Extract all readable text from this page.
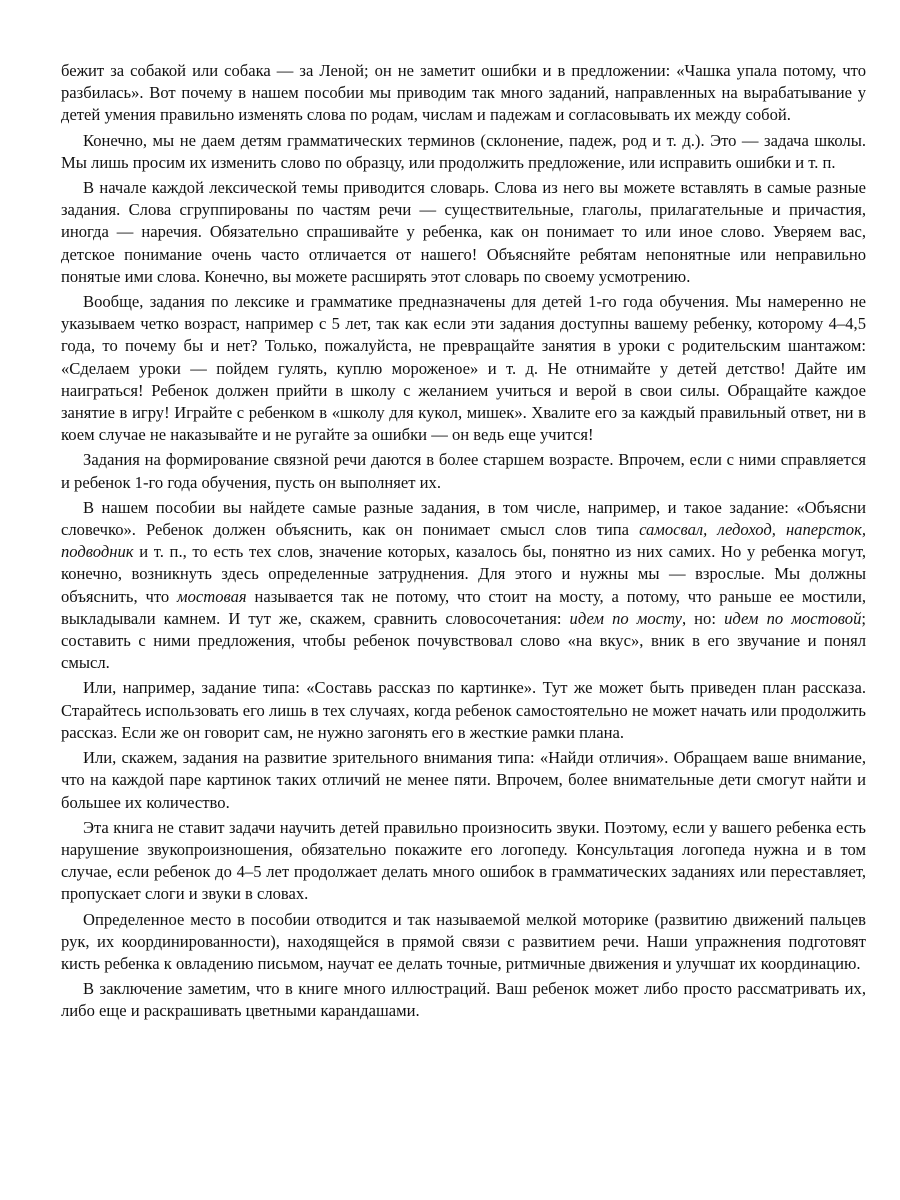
бежит за собакой или собака — за Леной; он не заметит ошибки и в предложении: «Чашка упала потому, что разбилась». Вот почему в нашем пособии мы приводим так много заданий, направленных на вырабатывание у детей умения правильно изменять слова по родам, числам и падежам и согласовывать их между собой.

Конечно, мы не даем детям грамматических терминов (склонение, падеж, род и т. д.). Это — задача школы. Мы лишь просим их изменить слово по образцу, или продолжить предложение, или исправить ошибки и т. п.

В начале каждой лексической темы приводится словарь. Слова из него вы можете вставлять в самые разные задания. Слова сгруппированы по частям речи — существительные, глаголы, прилагательные и причастия, иногда — наречия. Обязательно спрашивайте у ребенка, как он понимает то или иное слово. Уверяем вас, детское понимание очень часто отличается от нашего! Объясняйте ребятам непонятные или неправильно понятые ими слова. Конечно, вы можете расширять этот словарь по своему усмотрению.

Вообще, задания по лексике и грамматике предназначены для детей 1-го года обучения. Мы намеренно не указываем четко возраст, например с 5 лет, так как если эти задания доступны вашему ребенку, которому 4–4,5 года, то почему бы и нет? Только, пожалуйста, не превращайте занятия в уроки с родительским шантажом: «Сделаем уроки — пойдем гулять, куплю мороженое» и т. д. Не отнимайте у детей детство! Дайте им наиграться! Ребенок должен прийти в школу с желанием учиться и верой в свои силы. Обращайте каждое занятие в игру! Играйте с ребенком в «школу для кукол, мишек». Хвалите его за каждый правильный ответ, ни в коем случае не наказывайте и не ругайте за ошибки — он ведь еще учится!

Задания на формирование связной речи даются в более старшем возрасте. Впрочем, если с ними справляется и ребенок 1-го года обучения, пусть он выполняет их.

В нашем пособии вы найдете самые разные задания, в том числе, например, и такое задание: «Объясни словечко». Ребенок должен объяснить, как он понимает смысл слов типа самосвал, ледоход, наперсток, подводник и т. п., то есть тех слов, значение которых, казалось бы, понятно из них самих. Но у ребенка могут, конечно, возникнуть здесь определенные затруднения. Для этого и нужны мы — взрослые. Мы должны объяснить, что мостовая называется так не потому, что стоит на мосту, а потому, что раньше ее мостили, выкладывали камнем. И тут же, скажем, сравнить словосочетания: идем по мосту, но: идем по мостовой; составить с ними предложения, чтобы ребенок почувствовал слово «на вкус», вник в его звучание и понял смысл.

Или, например, задание типа: «Составь рассказ по картинке». Тут же может быть приведен план рассказа. Старайтесь использовать его лишь в тех случаях, когда ребенок самостоятельно не может начать или продолжить рассказ. Если же он говорит сам, не нужно загонять его в жесткие рамки плана.

Или, скажем, задания на развитие зрительного внимания типа: «Найди отличия». Обращаем ваше внимание, что на каждой паре картинок таких отличий не менее пяти. Впрочем, более внимательные дети смогут найти и большее их количество.

Эта книга не ставит задачи научить детей правильно произносить звуки. Поэтому, если у вашего ребенка есть нарушение звукопроизношения, обязательно покажите его логопеду. Консультация логопеда нужна и в том случае, если ребенок до 4–5 лет продолжает делать много ошибок в грамматических заданиях или переставляет, пропускает слоги и звуки в словах.

Определенное место в пособии отводится и так называемой мелкой моторике (развитию движений пальцев рук, их координированности), находящейся в прямой связи с развитием речи. Наши упражнения подготовят кисть ребенка к овладению письмом, научат ее делать точные, ритмичные движения и улучшат их координацию.

В заключение заметим, что в книге много иллюстраций. Ваш ребенок может либо просто рассматривать их, либо еще и раскрашивать цветными карандашами.
